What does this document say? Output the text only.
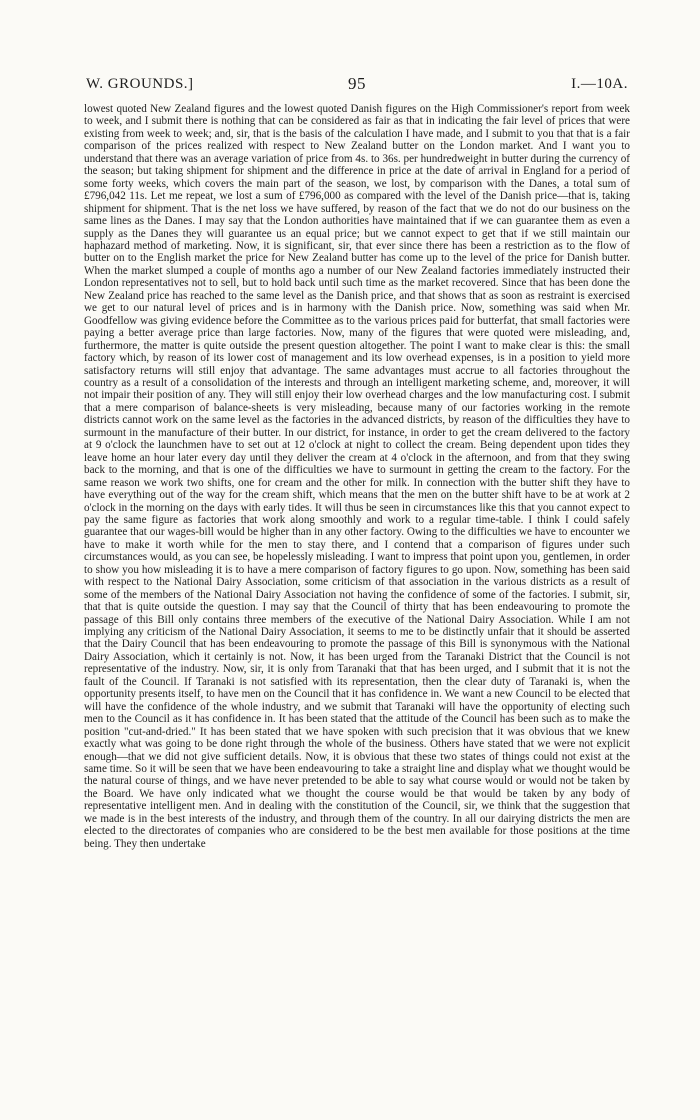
W. GROUNDS.]	95	I.—10A.

lowest quoted New Zealand figures and the lowest quoted Danish figures on the High Commissioner's report from week to week, and I submit there is nothing that can be considered as fair as that in indicating the fair level of prices that were existing from week to week; and, sir, that is the basis of the calculation I have made, and I submit to you that that is a fair comparison of the prices realized with respect to New Zealand butter on the London market. And I want you to understand that there was an average variation of price from 4s. to 36s. per hundredweight in butter during the currency of the season; but taking shipment for shipment and the difference in price at the date of arrival in England for a period of some forty weeks, which covers the main part of the season, we lost, by comparison with the Danes, a total sum of £796,042 11s. Let me repeat, we lost a sum of £796,000 as compared with the level of the Danish price—that is, taking shipment for shipment. That is the net loss we have suffered, by reason of the fact that we do not do our business on the same lines as the Danes. I may say that the London authorities have maintained that if we can guarantee them as even a supply as the Danes they will guarantee us an equal price; but we cannot expect to get that if we still maintain our haphazard method of marketing. Now, it is significant, sir, that ever since there has been a restriction as to the flow of butter on to the English market the price for New Zealand butter has come up to the level of the price for Danish butter. When the market slumped a couple of months ago a number of our New Zealand factories immediately instructed their London representatives not to sell, but to hold back until such time as the market recovered. Since that has been done the New Zealand price has reached to the same level as the Danish price, and that shows that as soon as restraint is exercised we get to our natural level of prices and is in harmony with the Danish price. Now, something was said when Mr. Goodfellow was giving evidence before the Committee as to the various prices paid for butterfat, that small factories were paying a better average price than large factories. Now, many of the figures that were quoted were misleading, and, furthermore, the matter is quite outside the present question altogether. The point I want to make clear is this: the small factory which, by reason of its lower cost of management and its low overhead expenses, is in a position to yield more satisfactory returns will still enjoy that advantage. The same advantages must accrue to all factories throughout the country as a result of a consolidation of the interests and through an intelligent marketing scheme, and, moreover, it will not impair their position of any. They will still enjoy their low overhead charges and the low manufacturing cost. I submit that a mere comparison of balance-sheets is very misleading, because many of our factories working in the remote districts cannot work on the same level as the factories in the advanced districts, by reason of the difficulties they have to surmount in the manufacture of their butter. In our district, for instance, in order to get the cream delivered to the factory at 9 o'clock the launchmen have to set out at 12 o'clock at night to collect the cream. Being dependent upon tides they leave home an hour later every day until they deliver the cream at 4 o'clock in the afternoon, and from that they swing back to the morning, and that is one of the difficulties we have to surmount in getting the cream to the factory. For the same reason we work two shifts, one for cream and the other for milk. In connection with the butter shift they have to have everything out of the way for the cream shift, which means that the men on the butter shift have to be at work at 2 o'clock in the morning on the days with early tides. It will thus be seen in circumstances like this that you cannot expect to pay the same figure as factories that work along smoothly and work to a regular time-table. I think I could safely guarantee that our wages-bill would be higher than in any other factory. Owing to the difficulties we have to encounter we have to make it worth while for the men to stay there, and I contend that a comparison of figures under such circumstances would, as you can see, be hopelessly misleading. I want to impress that point upon you, gentlemen, in order to show you how misleading it is to have a mere comparison of factory figures to go upon. Now, something has been said with respect to the National Dairy Association, some criticism of that association in the various districts as a result of some of the members of the National Dairy Association not having the confidence of some of the factories. I submit, sir, that that is quite outside the question. I may say that the Council of thirty that has been endeavouring to promote the passage of this Bill only contains three members of the executive of the National Dairy Association. While I am not implying any criticism of the National Dairy Association, it seems to me to be distinctly unfair that it should be asserted that the Dairy Council that has been endeavouring to promote the passage of this Bill is synonymous with the National Dairy Association, which it certainly is not. Now, it has been urged from the Taranaki District that the Council is not representative of the industry. Now, sir, it is only from Taranaki that that has been urged, and I submit that it is not the fault of the Council. If Taranaki is not satisfied with its representation, then the clear duty of Taranaki is, when the opportunity presents itself, to have men on the Council that it has confidence in. We want a new Council to be elected that will have the confidence of the whole industry, and we submit that Taranaki will have the opportunity of electing such men to the Council as it has confidence in. It has been stated that the attitude of the Council has been such as to make the position "cut-and-dried." It has been stated that we have spoken with such precision that it was obvious that we knew exactly what was going to be done right through the whole of the business. Others have stated that we were not explicit enough—that we did not give sufficient details. Now, it is obvious that these two states of things could not exist at the same time. So it will be seen that we have been endeavouring to take a straight line and display what we thought would be the natural course of things, and we have never pretended to be able to say what course would or would not be taken by the Board. We have only indicated what we thought the course would be that would be taken by any body of representative intelligent men. And in dealing with the constitution of the Council, sir, we think that the suggestion that we made is in the best interests of the industry, and through them of the country. In all our dairying districts the men are elected to the directorates of companies who are considered to be the best men available for those positions at the time being. They then undertake
